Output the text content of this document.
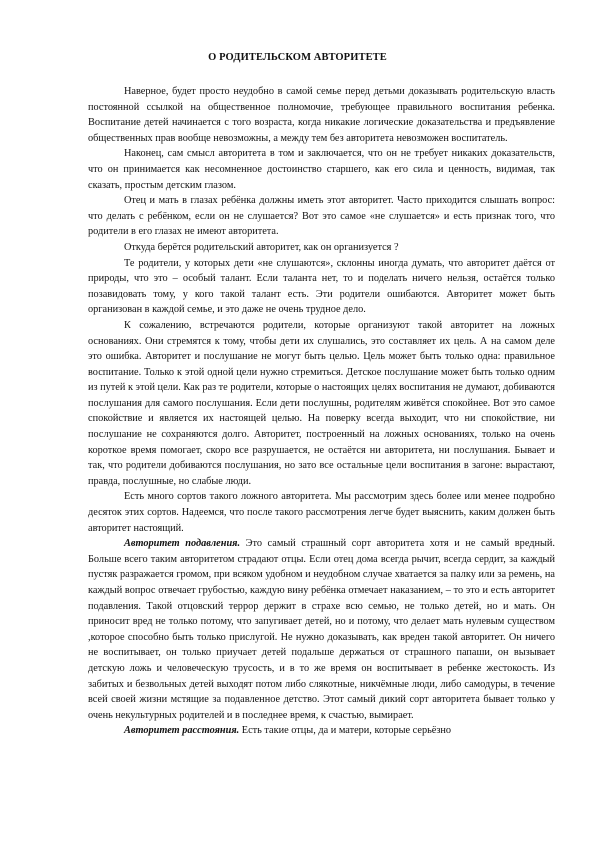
О РОДИТЕЛЬСКОМ АВТОРИТЕТЕ

Наверное, будет просто неудобно в самой семье перед детьми доказывать родительскую власть постоянной ссылкой на общественное полномочие, требующее правильного воспитания ребенка. Воспитание детей начинается с того возраста, когда никакие логические доказательства и предъявление общественных прав вообще невозможны, а между тем без авторитета невозможен воспитатель.

Наконец, сам смысл авторитета в том и заключается, что он не требует никаких доказательств, что он принимается как несомненное достоинство старшего, как его сила и ценность, видимая, так сказать, простым детским глазом.

Отец и мать в глазах ребёнка должны иметь этот авторитет. Часто приходится слышать вопрос: что делать с ребёнком, если он не слушается? Вот это самое «не слушается» и есть признак того, что родители в его глазах не имеют авторитета.

Откуда берётся родительский авторитет, как он организуется ?

Те родители, у которых дети «не слушаются», склонны иногда думать, что авторитет даётся от природы, что это – особый талант. Если таланта нет, то и поделать ничего нельзя, остаётся только позавидовать тому, у кого такой талант есть. Эти родители ошибаются. Авторитет может быть организован в каждой семье, и это даже не очень трудное дело.

К сожалению, встречаются родители, которые организуют такой авторитет на ложных основаниях. Они стремятся к тому, чтобы дети их слушались, это составляет их цель. А на самом деле это ошибка. Авторитет и послушание не могут быть целью. Цель может быть только одна: правильное воспитание. Только к этой одной цели нужно стремиться. Детское послушание может быть только одним из путей к этой цели. Как раз те родители, которые о настоящих целях воспитания не думают, добиваются послушания для самого послушания. Если дети послушны, родителям живётся спокойнее. Вот это самое спокойствие и является их настоящей целью. На поверку всегда выходит, что ни спокойствие, ни послушание не сохраняются долго. Авторитет, построенный на ложных основаниях, только на очень короткое время помогает, скоро все разрушается, не остаётся ни авторитета, ни послушания. Бывает и так, что родители добиваются послушания, но зато все остальные цели воспитания в загоне: вырастают, правда, послушные, но слабые люди.

Есть много сортов такого ложного авторитета. Мы рассмотрим здесь более или менее подробно десяток этих сортов. Надеемся, что после такого рассмотрения легче будет выяснить, каким должен быть авторитет настоящий.

Авторитет подавления. Это самый страшный сорт авторитета хотя и не самый вредный. Больше всего таким авторитетом страдают отцы. Если отец дома всегда рычит, всегда сердит, за каждый пустяк разражается громом, при всяком удобном и неудобном случае хватается за палку или за ремень, на каждый вопрос отвечает грубостью, каждую вину ребёнка отмечает наказанием, – то это и есть авторитет подавления. Такой отцовский террор держит в страхе всю семью, не только детей, но и мать. Он приносит вред не только потому, что запугивает детей, но и потому, что делает мать нулевым существом ,которое способно быть только прислугой. Не нужно доказывать, как вреден такой авторитет. Он ничего не воспитывает, он только приучает детей подальше держаться от страшного папаши, он вызывает детскую ложь и человеческую трусость, и в то же время он воспитывает в ребенке жестокость. Из забитых и безвольных детей выходят потом либо слякотные, никчёмные люди, либо самодуры, в течение всей своей жизни мстящие за подавленное детство. Этот самый дикий сорт авторитета бывает только у очень некультурных родителей и в последнее время, к счастью, вымирает.

Авторитет расстояния. Есть такие отцы, да и матери, которые серьёзно
